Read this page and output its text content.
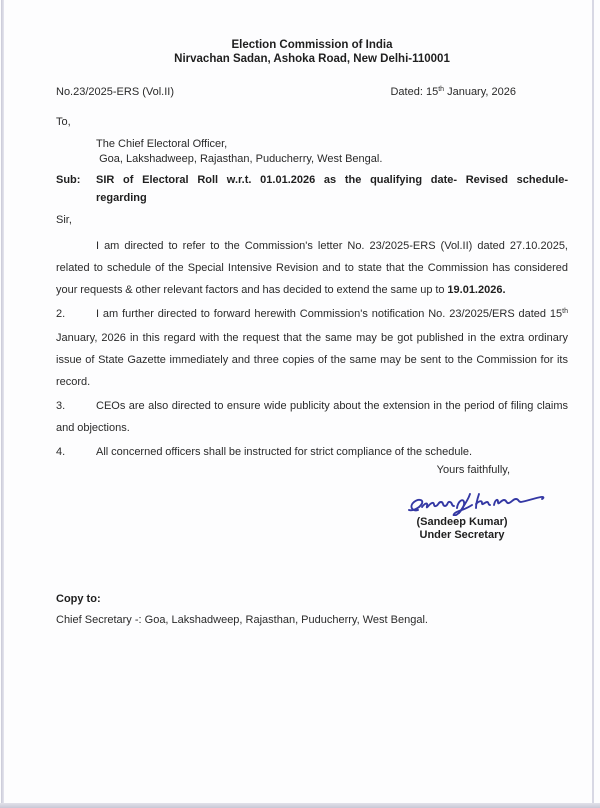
Election Commission of India
Nirvachan Sadan, Ashoka Road, New Delhi-110001
No.23/2025-ERS (Vol.II)	Dated: 15th January, 2026
To,
The Chief Electoral Officer,
Goa, Lakshadweep, Rajasthan, Puducherry, West Bengal.
Sub:	SIR of Electoral Roll w.r.t. 01.01.2026 as the qualifying date- Revised schedule-
regarding
Sir,

I am directed to refer to the Commission's letter No. 23/2025-ERS (Vol.II) dated 27.10.2025, related to schedule of the Special Intensive Revision and to state that the Commission has considered your requests & other relevant factors and has decided to extend the same up to 19.01.2026.

2.	I am further directed to forward herewith Commission's notification No. 23/2025/ERS dated 15th January, 2026 in this regard with the request that the same may be got published in the extra ordinary issue of State Gazette immediately and three copies of the same may be sent to the Commission for its record.

3.	CEOs are also directed to ensure wide publicity about the extension in the period of filing claims and objections.

4.	All concerned officers shall be instructed for strict compliance of the schedule.

Yours faithfully,
(Sandeep Kumar)
Under Secretary
Copy to:
Chief Secretary -: Goa, Lakshadweep, Rajasthan, Puducherry, West Bengal.
